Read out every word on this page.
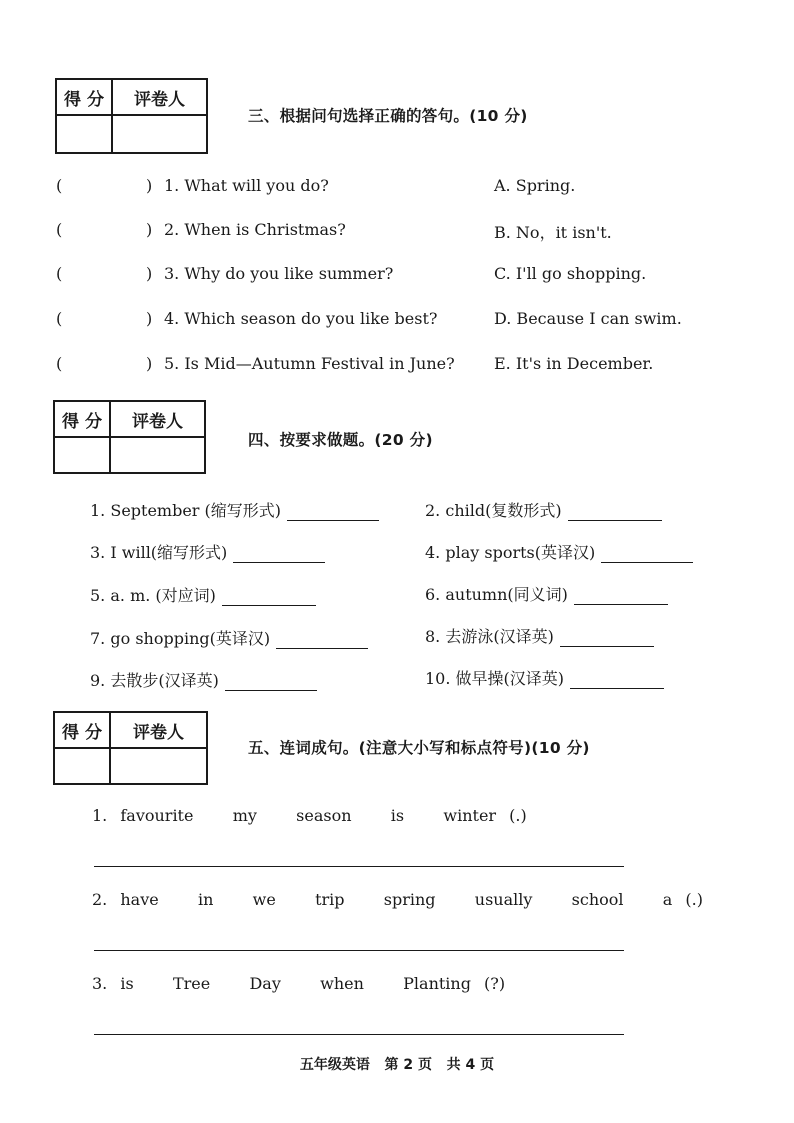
得 分	评卷人
三、根据问句选择正确的答句。(10 分)
(	) 1. What will you do?	A. Spring.
(	) 2. When is Christmas?	B. No，it isn't.
(	) 3. Why do you like summer?	C. I'll go shopping.
(	) 4. Which season do you like best?	D. Because I can swim.
(	) 5. Is Mid—Autumn Festival in June? E. It's in December.
得 分	评卷人
四、按要求做题。(20 分)
1. September (缩写形式)	2. child(复数形式)
3. I will(缩写形式)	4. play sports(英译汉)
5. a. m. (对应词)	6. autumn(同义词)
7. go shopping(英译汉)	8. 去游泳(汉译英)
9. 去散步(汉译英)	10. 做早操(汉译英)
得 分	评卷人
五、连词成句。(注意大小写和标点符号)(10 分)
1. favourite   my   season   is   winter (.)
2. have   in   we   trip   spring   usually   school   a (.)
3. is   Tree   Day   when   Planting (?)
五年级英语   第 2 页   共 4 页
